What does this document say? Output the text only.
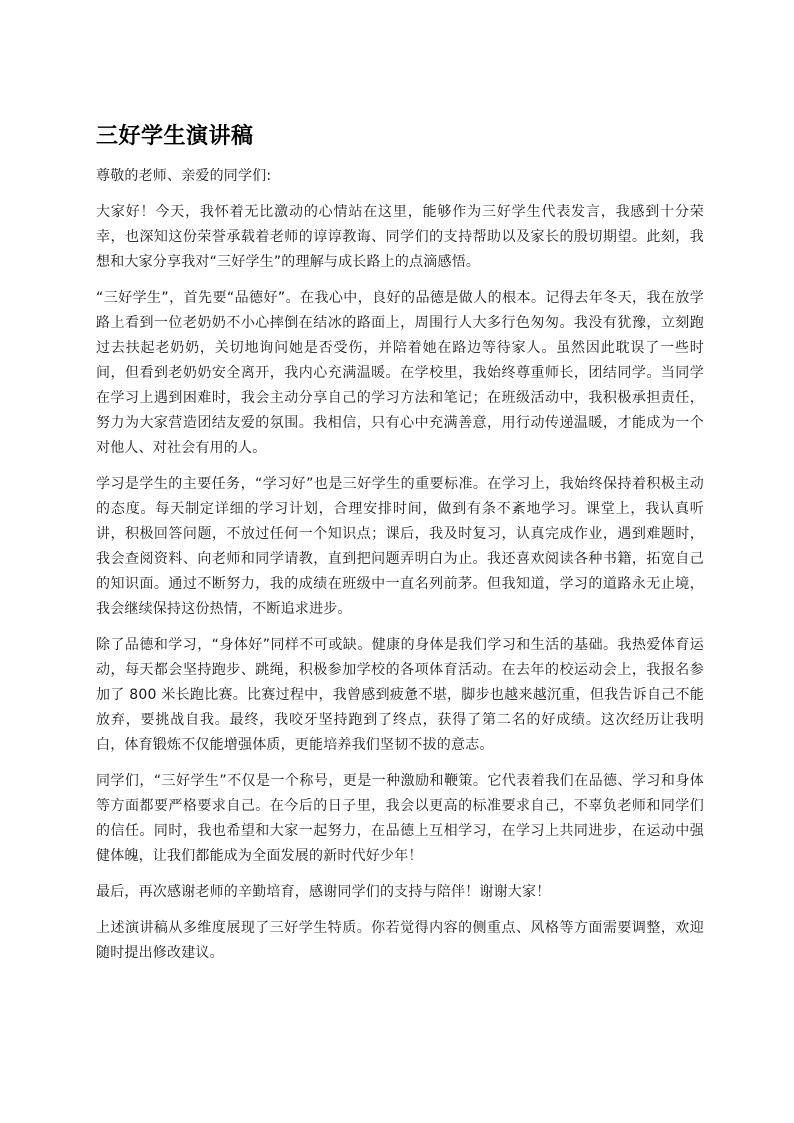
三好学生演讲稿

尊敬的老师、亲爱的同学们:

大家好！今天，我怀着无比激动的心情站在这里，能够作为三好学生代表发言，我感到十分荣幸，也深知这份荣誉承载着老师的谆谆教诲、同学们的支持帮助以及家长的殷切期望。此刻，我想和大家分享我对“三好学生”的理解与成长路上的点滴感悟。

“三好学生”，首先要“品德好”。在我心中，良好的品德是做人的根本。记得去年冬天，我在放学路上看到一位老奶奶不小心摔倒在结冰的路面上，周围行人大多行色匆匆。我没有犹豫，立刻跑过去扶起老奶奶，关切地询问她是否受伤，并陪着她在路边等待家人。虽然因此耽误了一些时间，但看到老奶奶安全离开，我内心充满温暖。在学校里，我始终尊重师长，团结同学。当同学在学习上遇到困难时，我会主动分享自己的学习方法和笔记；在班级活动中，我积极承担责任，努力为大家营造团结友爱的氛围。我相信，只有心中充满善意，用行动传递温暖，才能成为一个对他人、对社会有用的人。

学习是学生的主要任务，“学习好”也是三好学生的重要标准。在学习上，我始终保持着积极主动的态度。每天制定详细的学习计划，合理安排时间，做到有条不紊地学习。课堂上，我认真听讲，积极回答问题，不放过任何一个知识点；课后，我及时复习，认真完成作业，遇到难题时，我会查阅资料、向老师和同学请教，直到把问题弄明白为止。我还喜欢阅读各种书籍，拓宽自己的知识面。通过不断努力，我的成绩在班级中一直名列前茅。但我知道，学习的道路永无止境，我会继续保持这份热情，不断追求进步。

除了品德和学习，“身体好”同样不可或缺。健康的身体是我们学习和生活的基础。我热爱体育运动，每天都会坚持跑步、跳绳，积极参加学校的各项体育活动。在去年的校运动会上，我报名参加了 800 米长跑比赛。比赛过程中，我曾感到疲惫不堪，脚步也越来越沉重，但我告诉自己不能放弃，要挑战自我。最终，我咬牙坚持跑到了终点，获得了第二名的好成绩。这次经历让我明白，体育锻炼不仅能增强体质，更能培养我们坚韧不拔的意志。

同学们，“三好学生”不仅是一个称号，更是一种激励和鞭策。它代表着我们在品德、学习和身体等方面都要严格要求自己。在今后的日子里，我会以更高的标准要求自己，不辜负老师和同学们的信任。同时，我也希望和大家一起努力，在品德上互相学习，在学习上共同进步，在运动中强健体魄，让我们都能成为全面发展的新时代好少年！

最后，再次感谢老师的辛勤培育，感谢同学们的支持与陪伴！谢谢大家！

上述演讲稿从多维度展现了三好学生特质。你若觉得内容的侧重点、风格等方面需要调整，欢迎随时提出修改建议。
